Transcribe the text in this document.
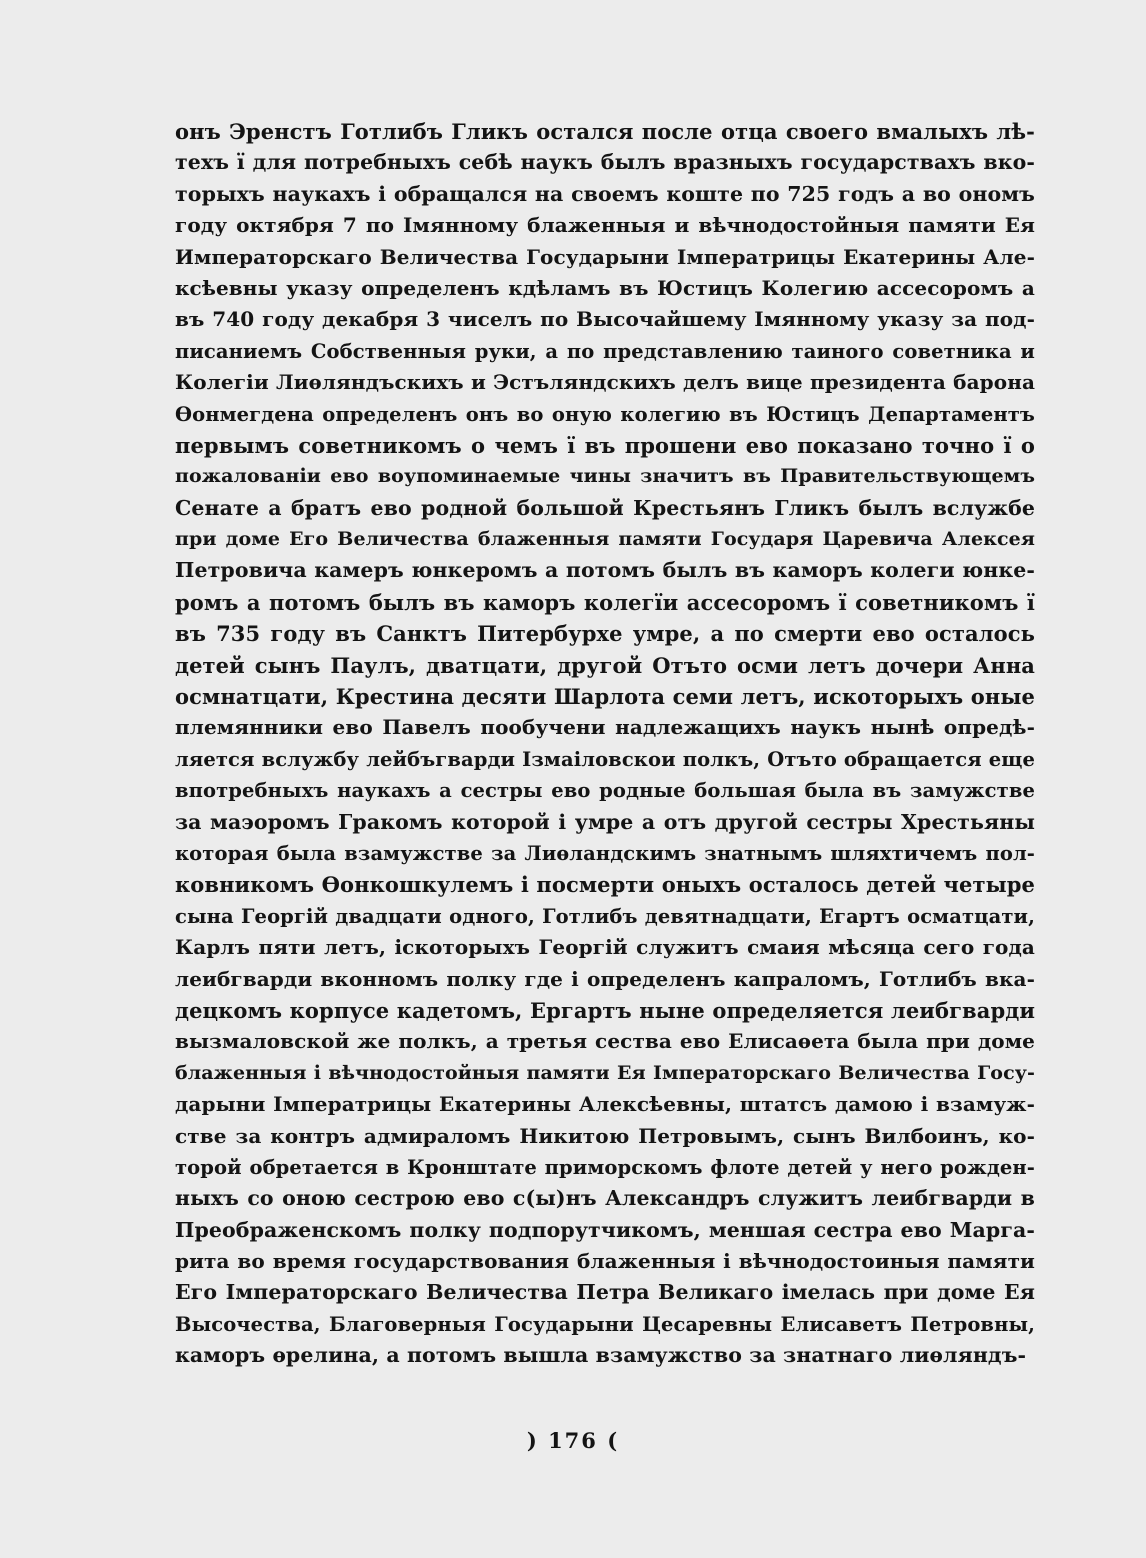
онъ Эренстъ Готлибъ Гликъ остался после отца своего вмалыхъ лѣ-
техъ ї для потребныхъ себѣ наукъ былъ вразныхъ государствахъ вко-
торыхъ наукахъ і обращался на своемъ коште по 725 годъ а во ономъ
году октября 7 по Імянному блаженныя и вѣчнодостойныя памяти Ея
Императорскаго Величества Государыни Імператрицы Екатерины Але-
ксѣевны указу определенъ кдѣламъ въ Юстицъ Колегию ассесоромъ а
въ 740 году декабря 3 чиселъ по Высочайшему Імянному указу за под-
писаниемъ Собственныя руки, а по представлению таиного советника и
Колегiи Лиѳляндъскихъ и Эстъляндскихъ делъ вице президента барона
Ѳонмегдена определенъ онъ во оную колегию въ Юстицъ Департаментъ
первымъ советникомъ о чемъ ї въ прошени ево показано точно ї о
пожалованiи ево воупоминаемые чины значитъ въ Правительствующемъ
Сенате а братъ ево родной большой Крестьянъ Гликъ былъ вслужбе
при доме Его Величества блаженныя памяти Государя Царевича Алексея
Петровича камеръ юнкеромъ а потомъ былъ въ каморъ колеги юнке-
ромъ а потомъ былъ въ каморъ колегїи ассесоромъ ї советникомъ ї
въ 735 году въ Санктъ Питербурхе умре, а по смерти ево осталось
детей сынъ Паулъ, дватцати, другой Отъто осми летъ дочери Анна
осмнатцати, Крестина десяти Шарлота семи летъ, искоторыхъ оные
племянники ево Павелъ пообучени надлежащихъ наукъ нынѣ опредѣ-
ляется вслужбу лейбъгварди Ізмаiловскои полкъ, Отъто обращается еще
впотребныхъ наукахъ а сестры ево родные большая была въ замужстве
за маэоромъ Гракомъ которой і умре а отъ другой сестры Хрестьяны
которая была взамужстве за Лиѳландскимъ знатнымъ шляхтичемъ пол-
ковникомъ Ѳонкошкулемъ і посмерти оныхъ осталось детей четыре
сына Георгiй двадцати одного, Готлибъ девятнадцати, Егартъ осматцати,
Карлъ пяти летъ, іскоторыхъ Георгiй служитъ смаия мѣсяца сего года
леибгварди вконномъ полку где і определенъ капраломъ, Готлибъ вка-
децкомъ корпусе кадетомъ, Ергартъ ныне определяется леибгварди
вызмаловской же полкъ, а третья сества ево Елисаѳета была при доме
блаженныя і вѣчнодостойныя памяти Ея Імператорскаго Величества Госу-
дарыни Імператрицы Екатерины Алексѣевны, штатсъ дамою і взамуж-
стве за контръ адмираломъ Никитою Петровымъ, сынъ Вилбоинъ, ко-
торой обретается в Кронштате приморскомъ флоте детей у него рожден-
ныхъ со оною сестрою ево с(ы)нъ Александръ служитъ леибгварди в
Преображенскомъ полку подпорутчикомъ, меншая сестра ево Марга-
рита во время государствования блаженныя і вѣчнодостоиныя памяти
Его Імператорскаго Величества Петра Великаго імелась при доме Ея
Высочества, Благоверныя Государыни Цесаревны Елисаветъ Петровны,
каморъ ѳрелина, а потомъ вышла взамужство за знатнаго лиѳляндъ-
) 176 (
